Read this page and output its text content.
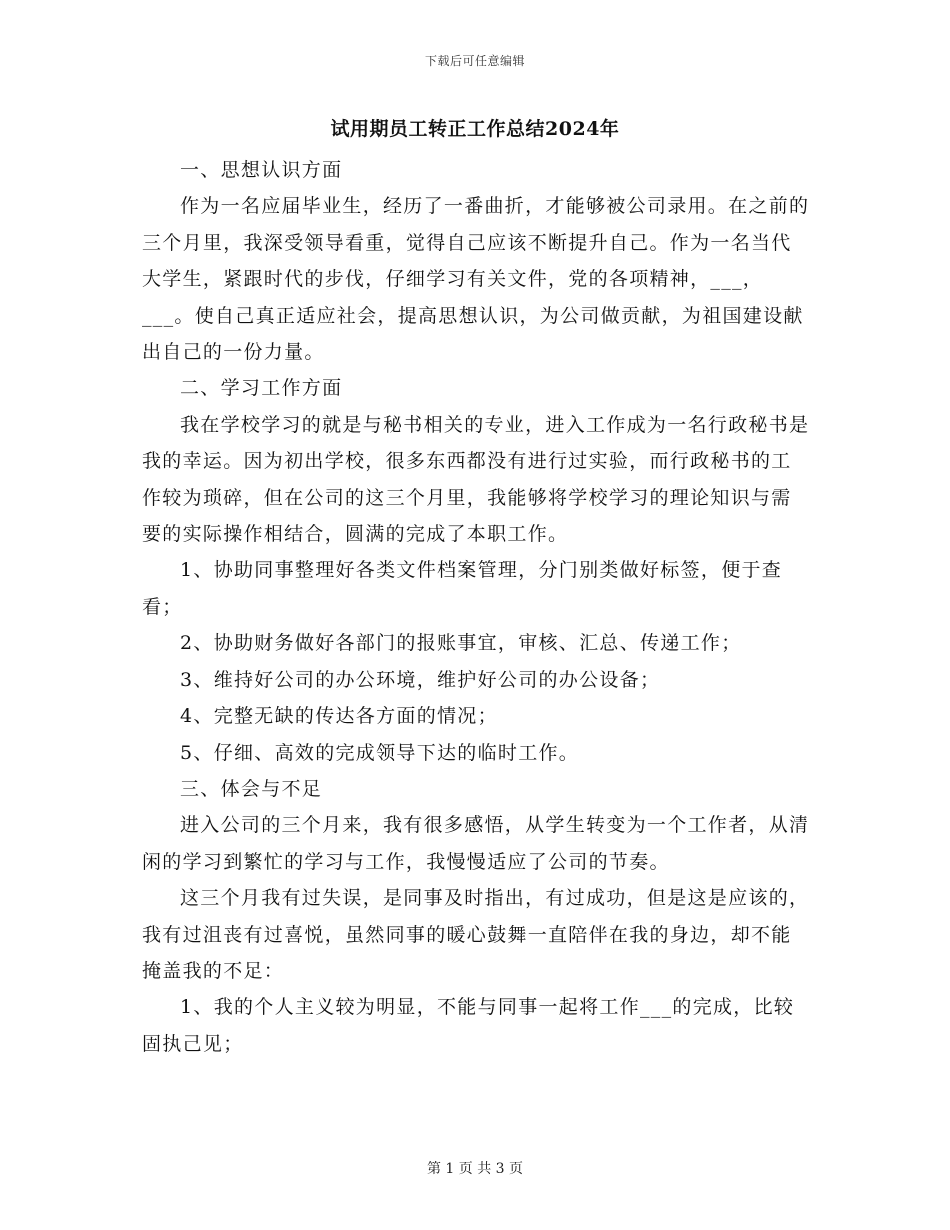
下载后可任意编辑
试用期员工转正工作总结2024年

一、思想认识方面

作为一名应届毕业生，经历了一番曲折，才能够被公司录用。在之前的三个月里，我深受领导看重，觉得自己应该不断提升自己。作为一名当代大学生，紧跟时代的步伐，仔细学习有关文件，党的各项精神，___，___。使自己真正适应社会，提高思想认识，为公司做贡献，为祖国建设献出自己的一份力量。

二、学习工作方面

我在学校学习的就是与秘书相关的专业，进入工作成为一名行政秘书是我的幸运。因为初出学校，很多东西都没有进行过实验，而行政秘书的工作较为琐碎，但在公司的这三个月里，我能够将学校学习的理论知识与需要的实际操作相结合，圆满的完成了本职工作。

1、协助同事整理好各类文件档案管理，分门别类做好标签，便于查看；

2、协助财务做好各部门的报账事宜，审核、汇总、传递工作；

3、维持好公司的办公环境，维护好公司的办公设备；

4、完整无缺的传达各方面的情况；

5、仔细、高效的完成领导下达的临时工作。

三、体会与不足

进入公司的三个月来，我有很多感悟，从学生转变为一个工作者，从清闲的学习到繁忙的学习与工作，我慢慢适应了公司的节奏。

这三个月我有过失误，是同事及时指出，有过成功，但是这是应该的，我有过沮丧有过喜悦，虽然同事的暖心鼓舞一直陪伴在我的身边，却不能掩盖我的不足：

1、我的个人主义较为明显，不能与同事一起将工作___的完成，比较固执己见；

第 1 页 共 3 页
